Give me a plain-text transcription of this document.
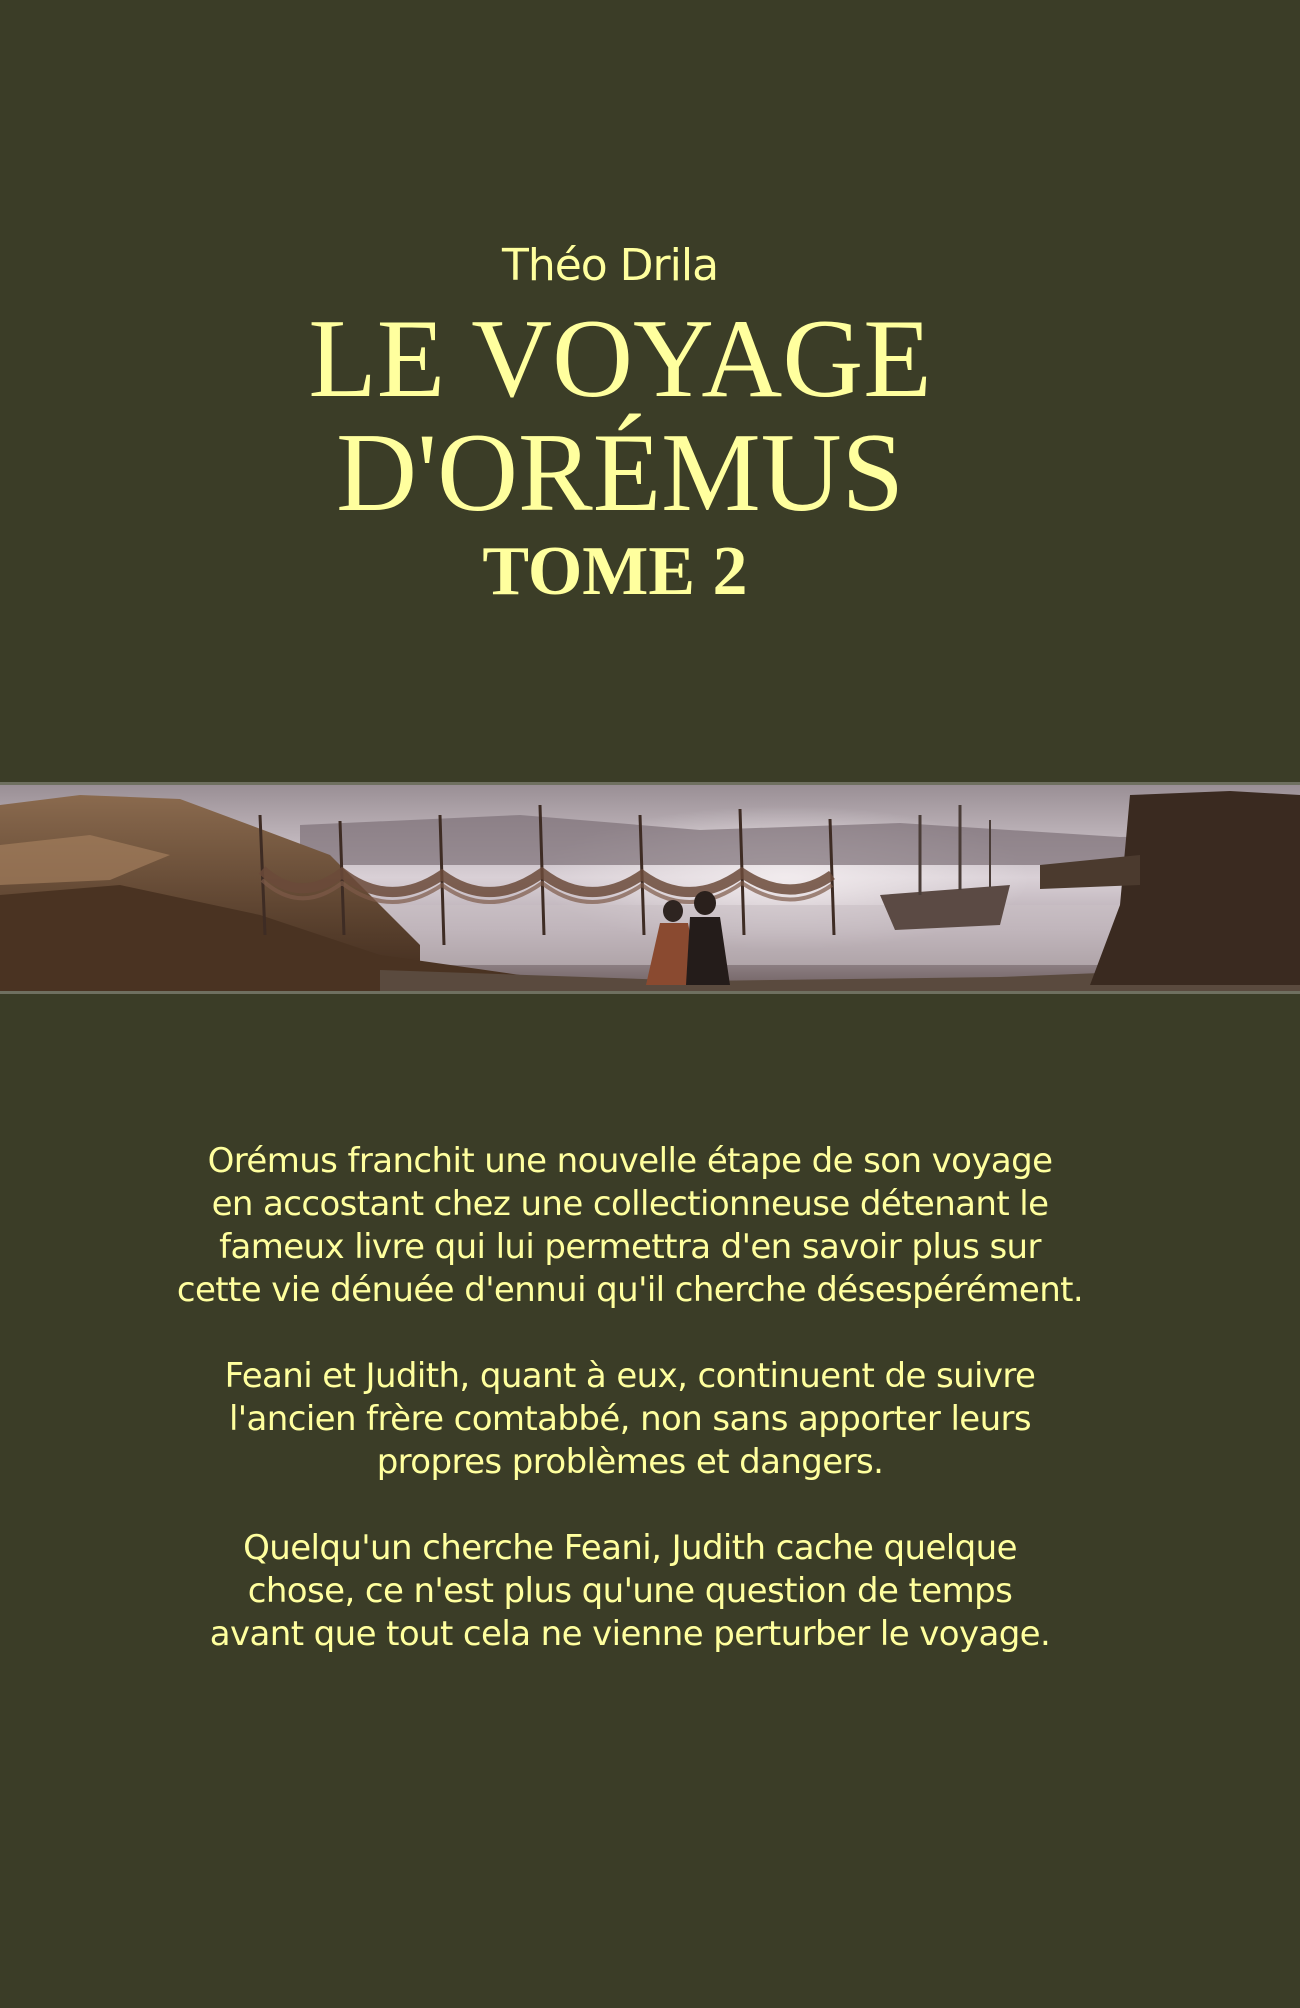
Théo Drila
LE VOYAGE
D'ORÉMUS
TOME 2

Orémus franchit une nouvelle étape de son voyage
en accostant chez une collectionneuse détenant le
fameux livre qui lui permettra d'en savoir plus sur
cette vie dénuée d'ennui qu'il cherche désespérément.

Feani et Judith, quant à eux, continuent de suivre
l'ancien frère comtabbé, non sans apporter leurs
propres problèmes et dangers.

Quelqu'un cherche Feani, Judith cache quelque
chose, ce n'est plus qu'une question de temps
avant que tout cela ne vienne perturber le voyage.
